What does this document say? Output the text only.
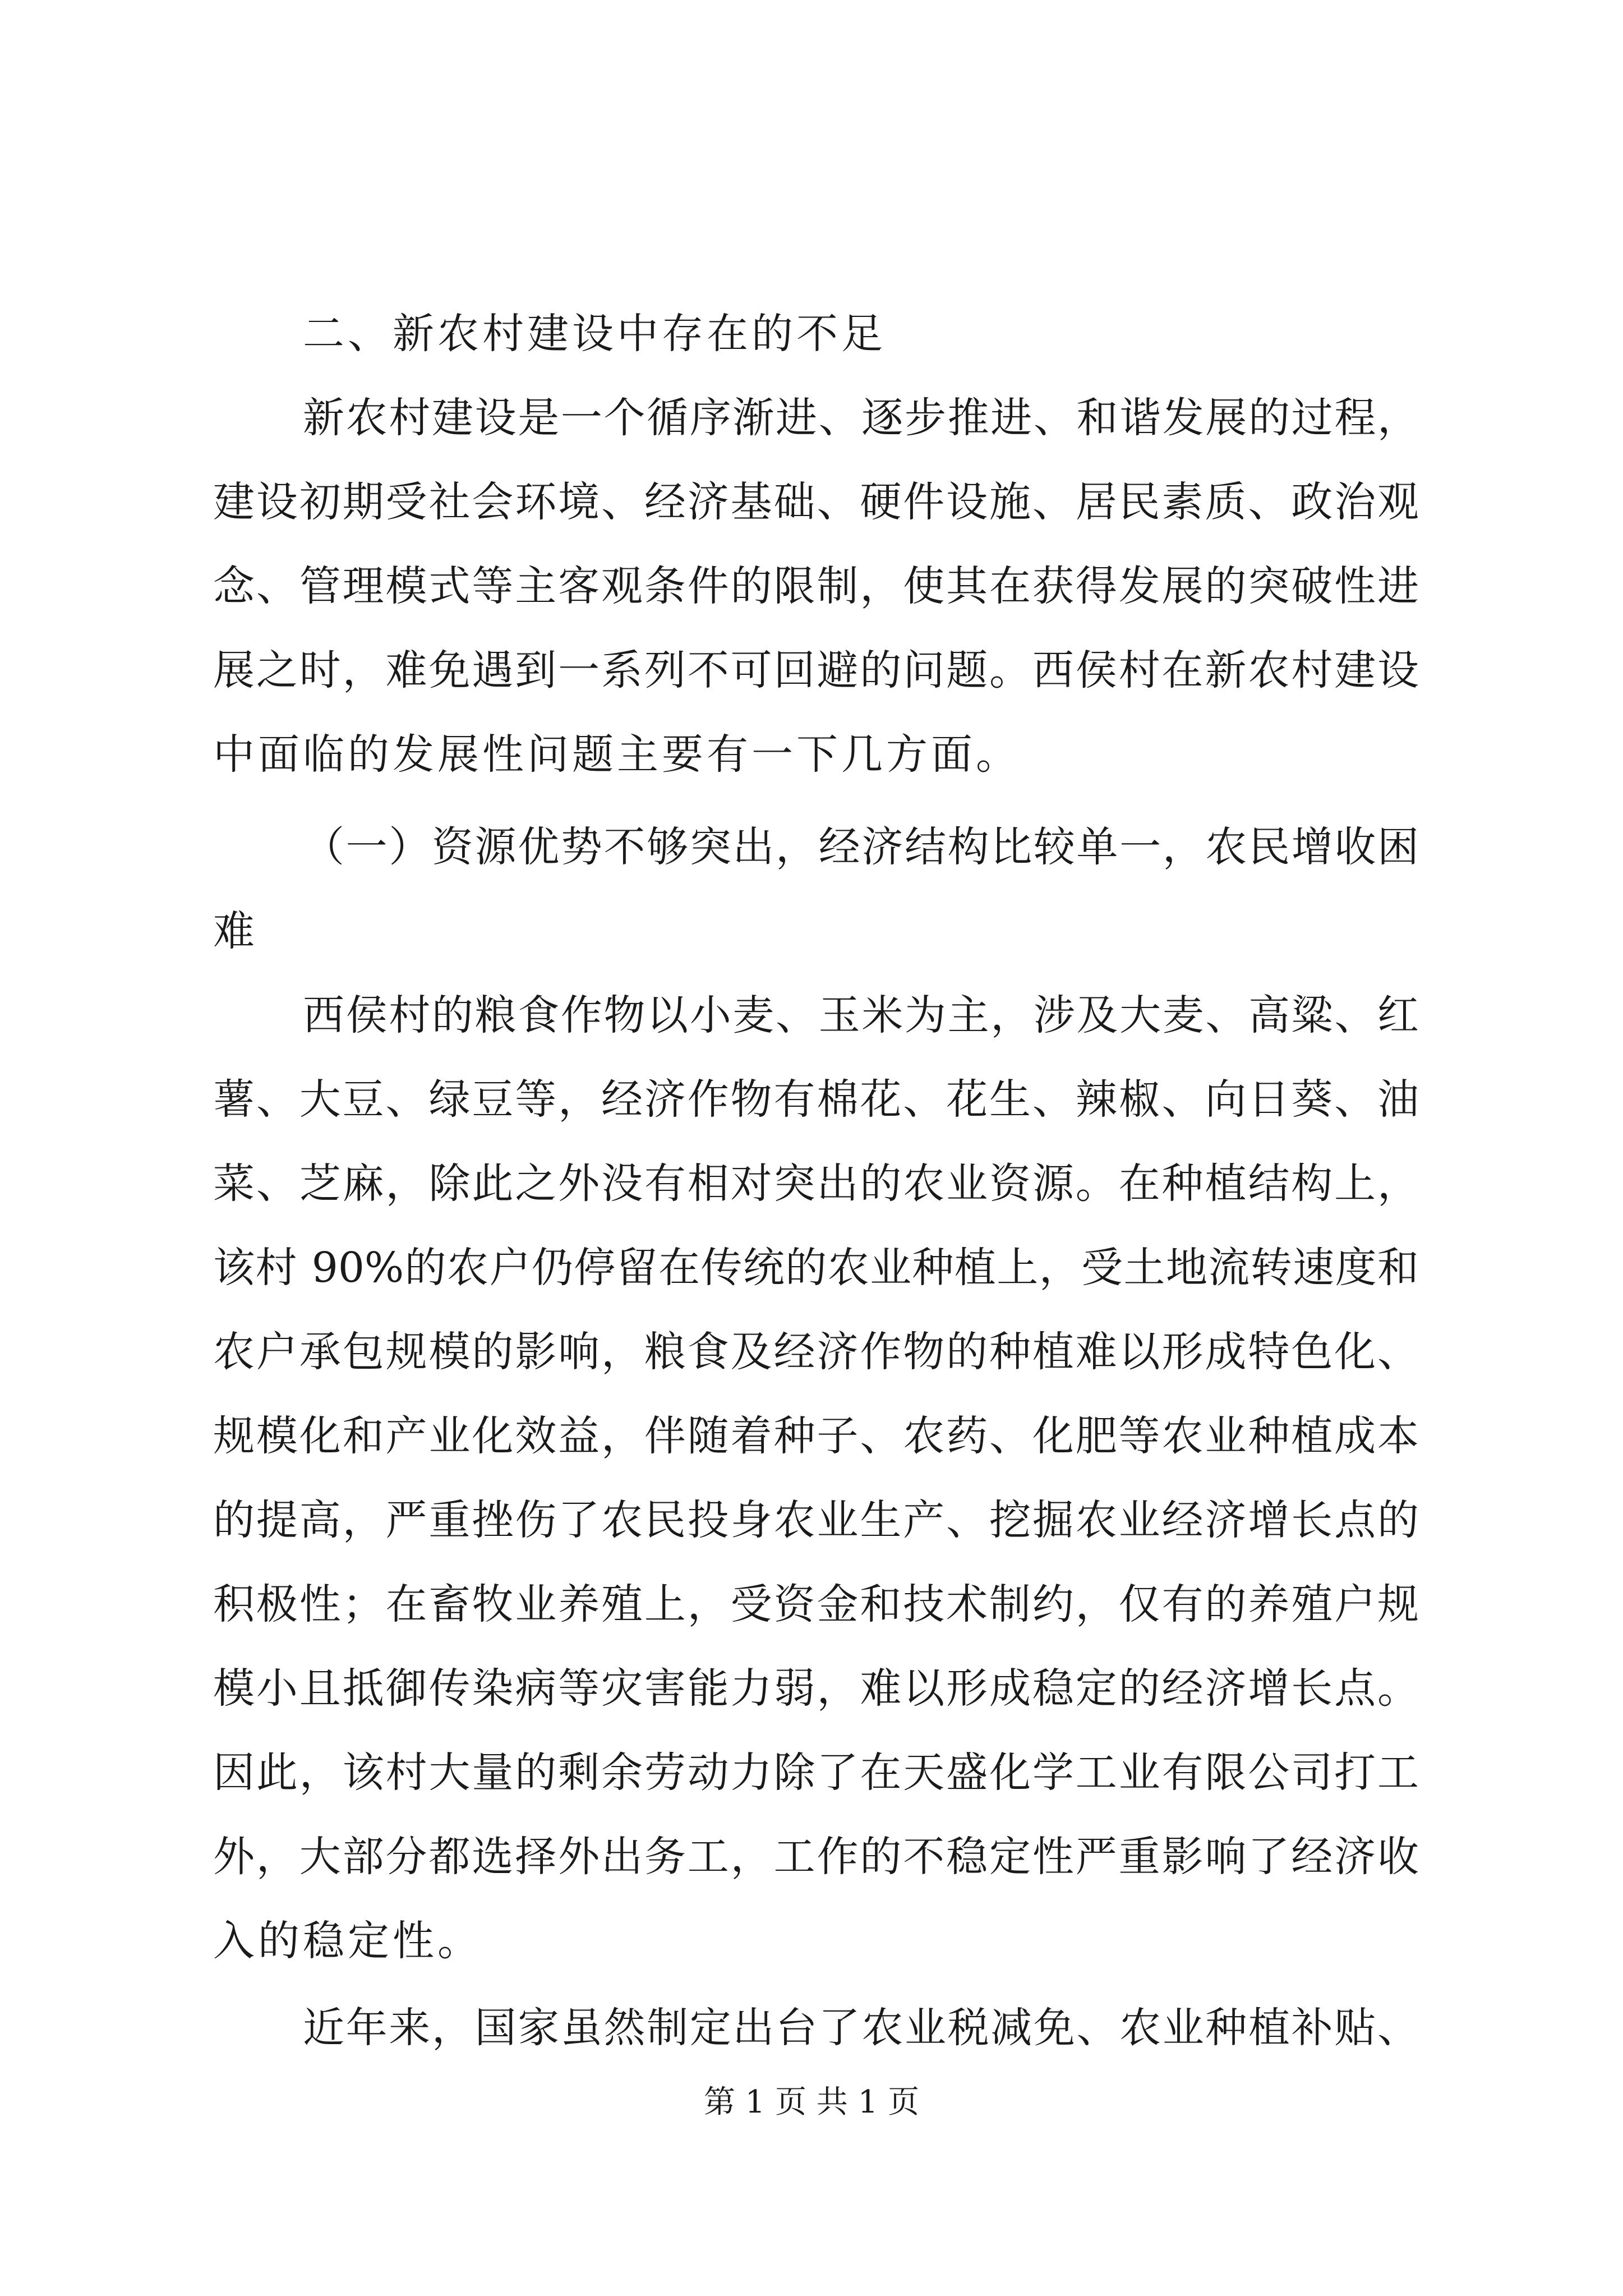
二、新农村建设中存在的不足
新农村建设是一个循序渐进、逐步推进、和谐发展的过程，
建设初期受社会环境、经济基础、硬件设施、居民素质、政治观
念、管理模式等主客观条件的限制，使其在获得发展的突破性进
展之时，难免遇到一系列不可回避的问题。西侯村在新农村建设
中面临的发展性问题主要有一下几方面。
（一）资源优势不够突出，经济结构比较单一，农民增收困
难
西侯村的粮食作物以小麦、玉米为主，涉及大麦、高粱、红
薯、大豆、绿豆等，经济作物有棉花、花生、辣椒、向日葵、油
菜、芝麻，除此之外没有相对突出的农业资源。在种植结构上，
该村 90%的农户仍停留在传统的农业种植上，受土地流转速度和
农户承包规模的影响，粮食及经济作物的种植难以形成特色化、
规模化和产业化效益，伴随着种子、农药、化肥等农业种植成本
的提高，严重挫伤了农民投身农业生产、挖掘农业经济增长点的
积极性；在畜牧业养殖上，受资金和技术制约，仅有的养殖户规
模小且抵御传染病等灾害能力弱，难以形成稳定的经济增长点。
因此，该村大量的剩余劳动力除了在天盛化学工业有限公司打工
外，大部分都选择外出务工，工作的不稳定性严重影响了经济收
入的稳定性。
近年来，国家虽然制定出台了农业税减免、农业种植补贴、
第 1 页 共 1 页
